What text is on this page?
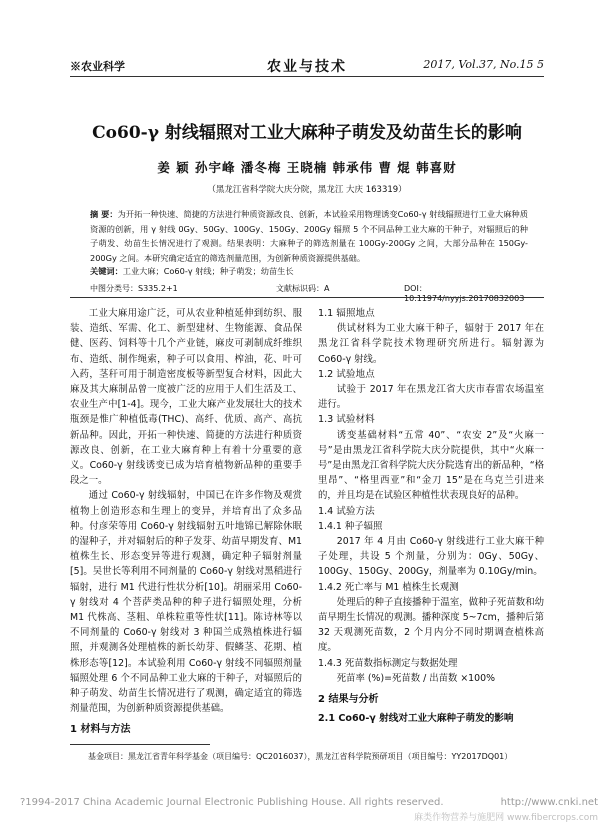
※农业科学	农业与技术	2017, Vol.37, No.15 5
Co60-γ 射线辐照对工业大麻种子萌发及幼苗生长的影响
姜 颖 孙宇峰 潘冬梅 王晓楠 韩承伟 曹 焜 韩喜财
（黑龙江省科学院大庆分院，黑龙江 大庆 163319）
摘 要：为开拓一种快速、简捷的方法进行种质资源改良、创新，本试验采用物理诱变Co60-γ 射线辐照进行工业大麻种质资源的创新，用 γ 射线 0Gy、50Gy、100Gy、150Gy、200Gy 辐照 5 个不同品种工业大麻的干种子，对辐照后的种子萌发、幼苗生长情况进行了观测。结果表明：大麻种子的筛选剂量在 100Gy-200Gy 之间，大部分品种在 150Gy-200Gy 之间。本研究确定适宜的筛选剂量范围，为创新种质资源提供基础。
关键词：工业大麻；Co60-γ 射线；种子萌发；幼苗生长
中图分类号：S335.2+1	文献标识码：A	DOI：10.11974/nyyjs.20170832003

工业大麻用途广泛，可从农业种植延伸到纺织、服装、造纸、军需、化工、新型建材、生物能源、食品保健、医药、饲料等十几个产业链，麻皮可剥制成纤维织布、造纸、制作绳索，种子可以食用、榨油，花、叶可入药，茎秆可用于制造密度板等新型复合材料，因此大麻及其大麻制品曾一度被广泛的应用于人们生活及工、农业生产中[1-4]。现今，工业大麻产业发展壮大的技术瓶颈是惟广种植低毒(THC)、高纤、优质、高产、高抗新品种。因此，开拓一种快速、简捷的方法进行种质资源改良、创新，在工业大麻育种上有着十分重要的意义。Co60-γ 射线诱变已成为培育植物新品种的重要手段之一。

通过 Co60-γ 射线辐射，中国已在许多作物及观赏植物上创造形态和生理上的变异，并培育出了众多品种。付彦荣等用 Co60-γ 射线辐射五叶地锦已解除休眠的湿种子，并对辐射后的种子发芽、幼苗早期发育、M1 植株生长、形态变异等进行观测，确定种子辐射剂量[5]。吴世长等利用不同剂量的 Co60-γ 射线对黑稻进行辐射，进行 M1 代进行性状分析[10]。胡丽采用 Co60-γ 射线对 4 个菩萨类品种的种子进行辐照处理，分析 M1 代株高、茎粗、单株粒重等性状[11]。陈诗林等以不同剂量的 Co60-γ 射线对 3 种国兰成熟植株进行辐照，并观测各处理植株的新长幼芽、假鳞茎、花期、植株形态等[12]。本试验利用 Co60-γ 射线不同辐照剂量辐照处理 6 个不同品种工业大麻的干种子，对辐照后的种子萌发、幼苗生长情况进行了观测，确定适宜的筛选剂量范围，为创新种质资源提供基础。

1 材料与方法
1.1 辐照地点

供试材料为工业大麻干种子，辐射于 2017 年在黑龙江省科学院技术物理研究所进行。辐射源为 Co60-γ 射线。

1.2 试验地点

试验于 2017 年在黑龙江省大庆市春雷农场温室进行。

1.3 试验材料

诱变基础材料“五常 40”、“农安 2”及“火麻一号”是由黑龙江省科学院大庆分院提供，其中“火麻一号”是由黑龙江省科学院大庆分院选育出的新品种，“格里昂”、“格里西亚”和“金刀 15”是在乌克兰引进来的，并且均是在试验区种植性状表现良好的品种。

1.4 试验方法
1.4.1 种子辐照

2017 年 4 月由 Co60-γ 射线进行工业大麻干种子处理，共设 5 个剂量，分别为：0Gy、50Gy、100Gy、150Gy、200Gy，剂量率为 0.10Gy/min。

1.4.2 死亡率与 M1 植株生长观测

处理后的种子直接播种于温室，做种子死苗数和幼苗早期生长情况的观测。播种深度 5~7cm，播种后第 32 天观测死苗数，2 个月内分不同时期调查植株高度。

1.4.3 死苗数指标测定与数据处理

死苗率 (%)=死苗数 / 出苗数 ×100%

2 结果与分析
2.1 Co60-γ 射线对工业大麻种子萌发的影响
基金项目：黑龙江省青年科学基金（项目编号：QC2016037），黑龙江省科学院预研项目（项目编号：YY2017DQ01）
?1994-2017 China Academic Journal Electronic Publishing House. All rights reserved.	http://www.cnki.net
麻类作物营养与施肥网 www.fibercrops.com
